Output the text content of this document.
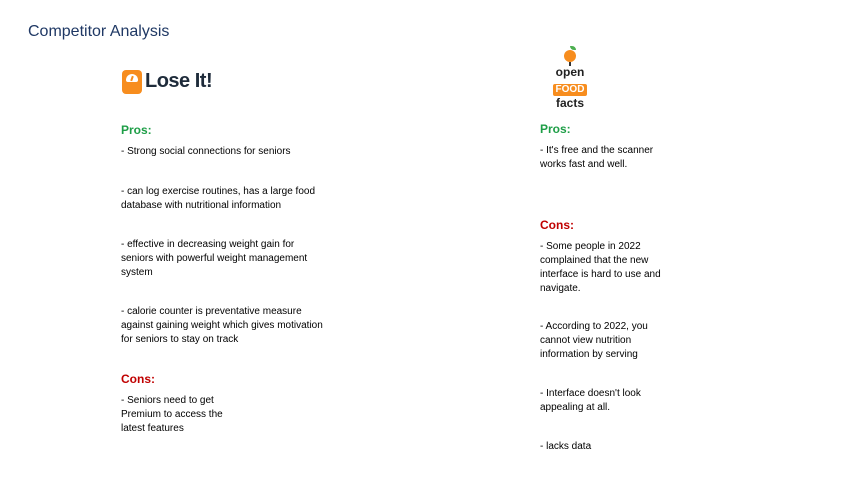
Competitor Analysis
Lose It!
Pros:
- Strong social connections for seniors
- can log exercise routines, has a large food
database with nutritional information
- effective in decreasing weight gain for
seniors with powerful weight management
system
- calorie counter is preventative measure
against gaining weight which gives motivation
for seniors to stay on track
Cons:
- Seniors need to get
Premium to access the
latest features
open
FOOD
facts
Pros:
- It's free and the scanner
works fast and well.
Cons:
- Some people in 2022
complained that the new
interface is hard to use and
navigate.
- According to 2022, you
cannot view nutrition
information by serving
- Interface doesn't look
appealing at all.
- lacks data
